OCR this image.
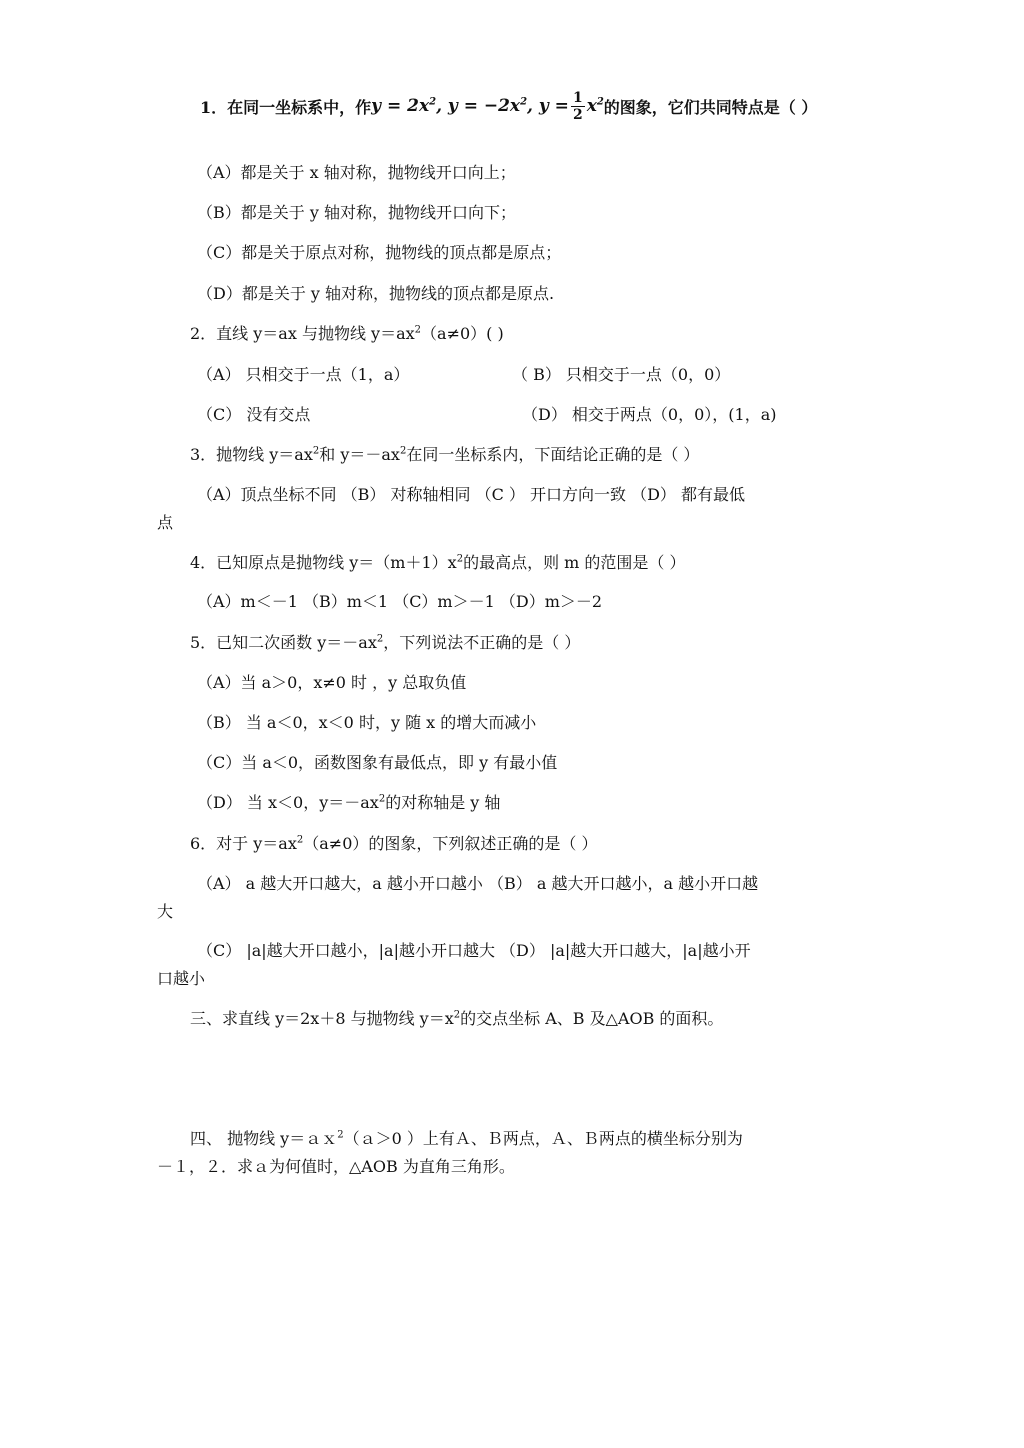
1． 在同一坐标系中，作 $y = 2x^2$ , $y = -2x^2$ , $y = \frac{1}{2} x^2$ 的图象，它们共同特点是（ ）
（A）都是关于 x 轴对称，抛物线开口向上；
（B）都是关于 y 轴对称，抛物线开口向下；
（C）都是关于原点对称，抛物线的顶点都是原点；
（D）都是关于 y 轴对称，抛物线的顶点都是原点.
2．直线 y＝ax 与抛物线 $y=ax^2(a\ne 0)$( )
（A） 只相交于一点（1，a）	（ B） 只相交于一点（0，0）
（C） 没有交点	（D） 相交于两点（0，0），(1，a)
3．抛物线 $y=ax^2$和 $y=-ax^2$在同一坐标系内，下面结论正确的是（ ）
（A）顶点坐标不同 （B） 对称轴相同 （C ） 开口方向一致 （D） 都有最低
点
4．已知原点是抛物线 $y=(m+1)x^2$的最高点，则 m 的范围是（ ）
（A）m＜－1 （B）m＜1 （C）m＞－1 （D）m＞－2
5．已知二次函数 $y=-ax^2$，下列说法不正确的是（ ）
（A）当 a＞0，x≠0 时 ，y 总取负值
（B） 当 a＜0，x＜0 时，y 随 x 的增大而减小
（C）当 a＜0，函数图象有最低点，即 y 有最小值
（D） 当 x＜0，$y=-ax^2$的对称轴是 y 轴
6．对于 $y=ax^2(a\ne 0)$的图象，下列叙述正确的是（ ）
（A） a 越大开口越大，a 越小开口越小 （B） a 越大开口越小，a 越小开口越
大
（C） |a|越大开口越小，|a|越小开口越大 （D） |a|越大开口越大，|a|越小开
口越小
三、求直线 y＝2x＋8 与抛物线 $y=x^2$的交点坐标 A、B 及△AOB 的面积。
四、 抛物线 y＝ａｘ$^2$（ａ＞0 ）上有Ａ、Ｂ两点，Ａ、Ｂ两点的横坐标分别为
－１，２．求ａ为何值时，△AOB 为直角三角形。
